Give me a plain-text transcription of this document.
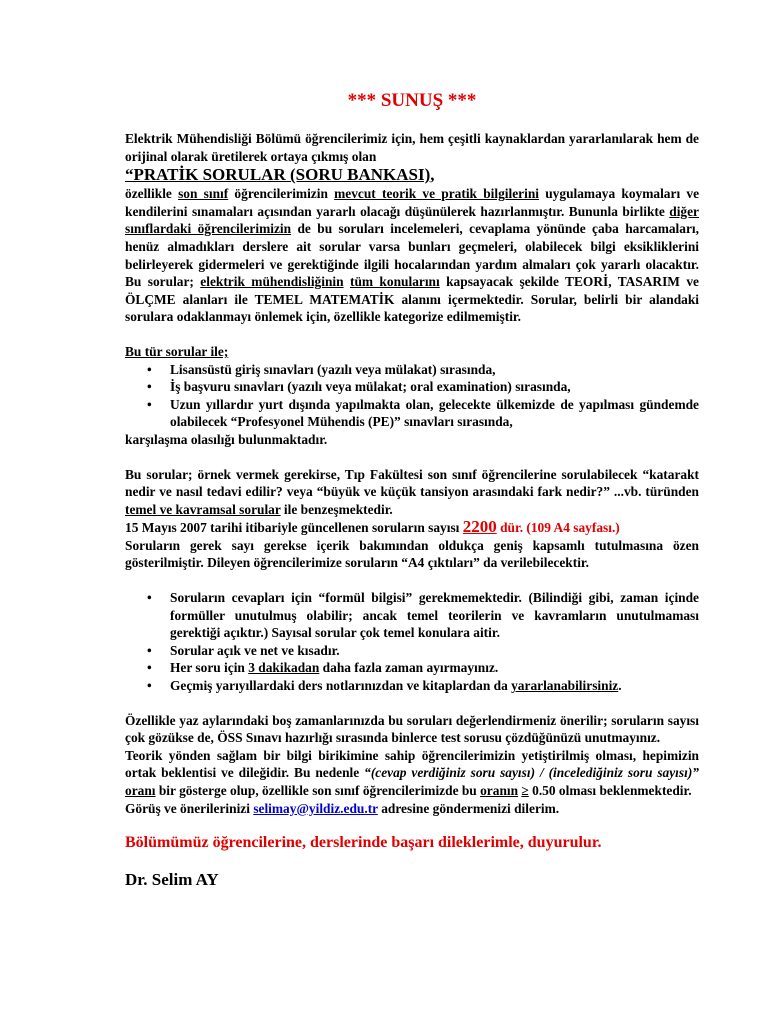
*** SUNUŞ ***

Elektrik Mühendisliği Bölümü öğrencilerimiz için, hem çeşitli kaynaklardan yararlanılarak hem de orijinal olarak üretilerek ortaya çıkmış olan

“PRATİK SORULAR (SORU BANKASI),

özellikle son sınıf öğrencilerimizin mevcut teorik ve pratik bilgilerini uygulamaya koymaları ve kendilerini sınamaları açısından yararlı olacağı düşünülerek hazırlanmıştır. Bununla birlikte diğer sınıflardaki öğrencilerimizin de bu soruları incelemeleri, cevaplama yönünde çaba harcamaları, henüz almadıkları derslere ait sorular varsa bunları geçmeleri, olabilecek bilgi eksikliklerini belirleyerek gidermeleri ve gerektiğinde ilgili hocalarından yardım almaları çok yararlı olacaktır. Bu sorular; elektrik mühendisliğinin tüm konularını kapsayacak şekilde TEORİ, TASARIM ve ÖLÇME alanları ile TEMEL MATEMATİK alanını içermektedir. Sorular, belirli bir alandaki sorulara odaklanmayı önlemek için, özellikle kategorize edilmemiştir.

Bu tür sorular ile;

• Lisansüstü giriş sınavları (yazılı veya mülakat) sırasında,
• İş başvuru sınavları (yazılı veya mülakat; oral examination) sırasında,
• Uzun yıllardır yurt dışında yapılmakta olan, gelecekte ülkemizde de yapılması gündemde olabilecek “Profesyonel Mühendis (PE)” sınavları sırasında,

karşılaşma olasılığı bulunmaktadır.

Bu sorular; örnek vermek gerekirse, Tıp Fakültesi son sınıf öğrencilerine sorulabilecek “katarakt nedir ve nasıl tedavi edilir? veya “büyük ve küçük tansiyon arasındaki fark nedir?” ...vb. türünden temel ve kavramsal sorular ile benzeşmektedir.

15 Mayıs 2007 tarihi itibariyle güncellenen soruların sayısı 2200 dür. (109 A4 sayfası.)

Soruların gerek sayı gerekse içerik bakımından oldukça geniş kapsamlı tutulmasına özen gösterilmiştir. Dileyen öğrencilerimize soruların “A4 çıktıları” da verilebilecektir.

• Soruların cevapları için “formül bilgisi” gerekmemektedir. (Bilindiği gibi, zaman içinde formüller unutulmuş olabilir; ancak temel teorilerin ve kavramların unutulmaması gerektiği açıktır.) Sayısal sorular çok temel konulara aitir.
• Sorular açık ve net ve kısadır.
• Her soru için 3 dakikadan daha fazla zaman ayırmayınız.
• Geçmiş yarıyıllardaki ders notlarınızdan ve kitaplardan da yararlanabilirsiniz.

Özellikle yaz aylarındaki boş zamanlarınızda bu soruları değerlendirmeniz önerilir; soruların sayısı çok gözükse de, ÖSS Sınavı hazırlığı sırasında binlerce test sorusu çözdüğünüzü unutmayınız.

Teorik yönden sağlam bir bilgi birikimine sahip öğrencilerimizin yetiştirilmiş olması, hepimizin ortak beklentisi ve dileğidir. Bu nedenle “(cevap verdiğiniz soru sayısı) / (incelediğiniz soru sayısı)” oranı bir gösterge olup, özellikle son sınıf öğrencilerimizde bu oranın ≥ 0.50 olması beklenmektedir.

Görüş ve önerilerinizi selimay@yildiz.edu.tr adresine göndermenizi dilerim.

Bölümümüz öğrencilerine, derslerinde başarı dileklerimle, duyurulur.
Dr. Selim AY
